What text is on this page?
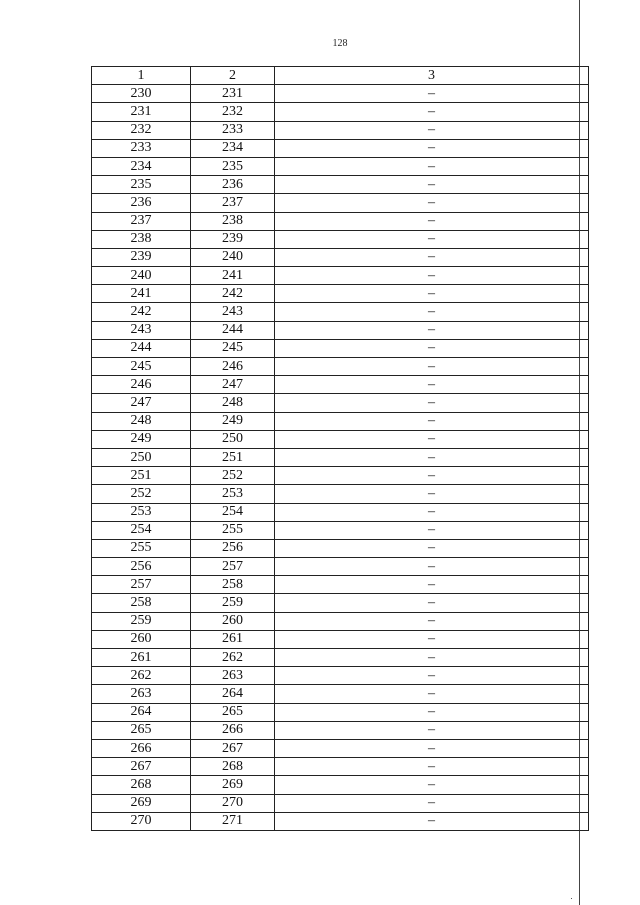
128
1	2	3
230	231	–
231	232	–
232	233	–
233	234	–
234	235	–
235	236	–
236	237	–
237	238	–
238	239	–
239	240	–
240	241	–
241	242	–
242	243	–
243	244	–
244	245	–
245	246	–
246	247	–
247	248	–
248	249	–
249	250	–
250	251	–
251	252	–
252	253	–
253	254	–
254	255	–
255	256	–
256	257	–
257	258	–
258	259	–
259	260	–
260	261	–
261	262	–
262	263	–
263	264	–
264	265	–
265	266	–
266	267	–
267	268	–
268	269	–
269	270	–
270	271	–
